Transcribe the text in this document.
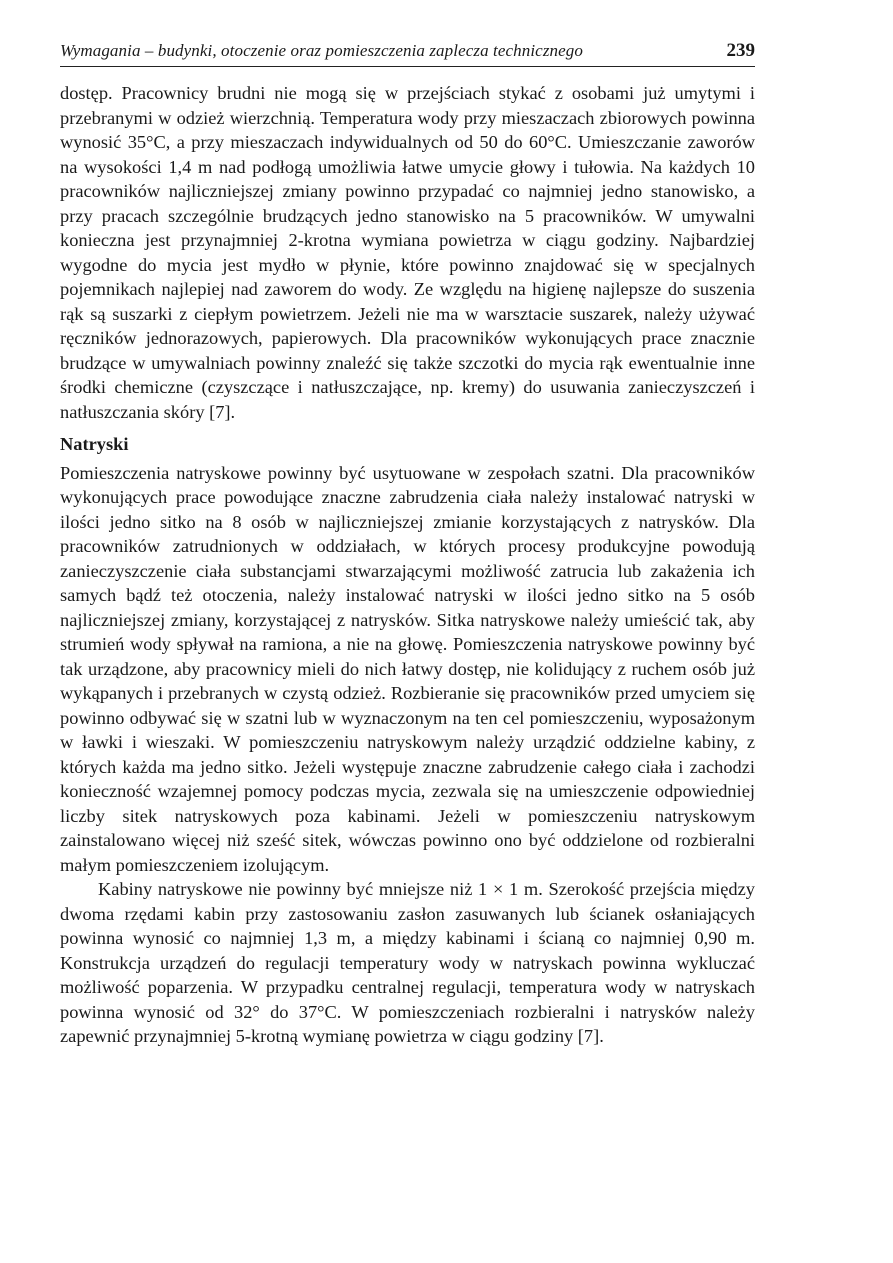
Wymagania – budynki, otoczenie oraz pomieszczenia zaplecza technicznego	239

dostęp. Pracownicy brudni nie mogą się w przejściach stykać z osobami już umytymi i przebranymi w odzież wierzchnią. Temperatura wody przy mieszaczach zbiorowych powinna wynosić 35°C, a przy mieszaczach indywidualnych od 50 do 60°C. Umieszczanie zaworów na wysokości 1,4 m nad podłogą umożliwia łatwe umycie głowy i tułowia. Na każdych 10 pracowników najliczniejszej zmiany powinno przypadać co najmniej jedno stanowisko, a przy pracach szczególnie brudzących jedno stanowisko na 5 pracowników. W umywalni konieczna jest przynajmniej 2-krotna wymiana powietrza w ciągu godziny. Najbardziej wygodne do mycia jest mydło w płynie, które powinno znajdować się w specjalnych pojemnikach najlepiej nad zaworem do wody. Ze względu na higienę najlepsze do suszenia rąk są suszarki z ciepłym powietrzem. Jeżeli nie ma w warsztacie suszarek, należy używać ręczników jednorazowych, papierowych. Dla pracowników wykonujących prace znacznie brudzące w umywalniach powinny znaleźć się także szczotki do mycia rąk ewentualnie inne środki chemiczne (czyszczące i natłuszczające, np. kremy) do usuwania zanieczyszczeń i natłuszczania skóry [7].

Natryski

Pomieszczenia natryskowe powinny być usytuowane w zespołach szatni. Dla pracowników wykonujących prace powodujące znaczne zabrudzenia ciała należy instalować natryski w ilości jedno sitko na 8 osób w najliczniejszej zmianie korzystających z natrysków. Dla pracowników zatrudnionych w oddziałach, w których procesy produkcyjne powodują zanieczyszczenie ciała substancjami stwarzającymi możliwość zatrucia lub zakażenia ich samych bądź też otoczenia, należy instalować natryski w ilości jedno sitko na 5 osób najliczniejszej zmiany, korzystającej z natrysków. Sitka natryskowe należy umieścić tak, aby strumień wody spływał na ramiona, a nie na głowę. Pomieszczenia natryskowe powinny być tak urządzone, aby pracownicy mieli do nich łatwy dostęp, nie kolidujący z ruchem osób już wykąpanych i przebranych w czystą odzież. Rozbieranie się pracowników przed umyciem się powinno odbywać się w szatni lub w wyznaczonym na ten cel pomieszczeniu, wyposażonym w ławki i wieszaki. W pomieszczeniu natryskowym należy urządzić oddzielne kabiny, z których każda ma jedno sitko. Jeżeli występuje znaczne zabrudzenie całego ciała i zachodzi konieczność wzajemnej pomocy podczas mycia, zezwala się na umieszczenie odpowiedniej liczby sitek natryskowych poza kabinami. Jeżeli w pomieszczeniu natryskowym zainstalowano więcej niż sześć sitek, wówczas powinno ono być oddzielone od rozbieralni małym pomieszczeniem izolującym.

Kabiny natryskowe nie powinny być mniejsze niż 1 × 1 m. Szerokość przejścia między dwoma rzędami kabin przy zastosowaniu zasłon zasuwanych lub ścianek osłaniających powinna wynosić co najmniej 1,3 m, a między kabinami i ścianą co najmniej 0,90 m. Konstrukcja urządzeń do regulacji temperatury wody w natryskach powinna wykluczać możliwość poparzenia. W przypadku centralnej regulacji, temperatura wody w natryskach powinna wynosić od 32° do 37°C. W pomieszczeniach rozbieralni i natrysków należy zapewnić przynajmniej 5-krotną wymianę powietrza w ciągu godziny [7].
